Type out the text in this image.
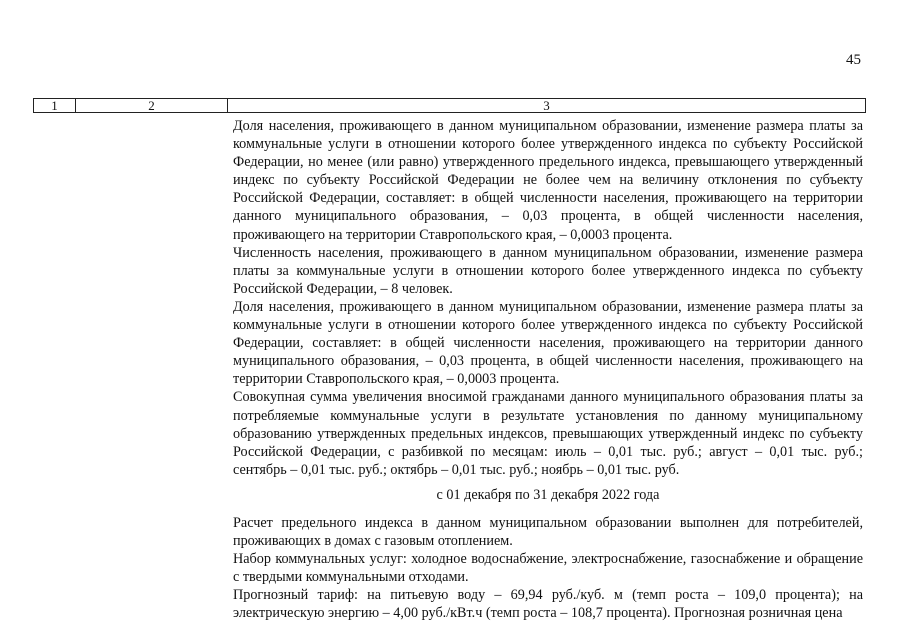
45
1	2	3

Доля населения, проживающего в данном муниципальном образовании, изменение размера платы за коммунальные услуги в отношении которого более утвержденного индекса по субъекту Российской Федерации, но менее (или равно) утвержденного предельного индекса, превышающего утвержденный индекс по субъекту Российской Федерации не более чем на величину отклонения по субъекту Российской Федерации, составляет: в общей численности населения, проживающего на территории данного муниципального образования, – 0,03 процента, в общей численности населения, проживающего на территории Ставропольского края, – 0,0003 процента.

Численность населения, проживающего в данном муниципальном образовании, изменение размера платы за коммунальные услуги в отношении которого более утвержденного индекса по субъекту Российской Федерации, – 8 человек.

Доля населения, проживающего в данном муниципальном образовании, изменение размера платы за коммунальные услуги в отношении которого более утвержденного индекса по субъекту Российской Федерации, составляет: в общей численности населения, проживающего на территории данного муниципального образования, – 0,03 процента, в общей численности населения, проживающего на территории Ставропольского края, – 0,0003 процента.

Совокупная сумма увеличения вносимой гражданами данного муниципального образования платы за потребляемые коммунальные услуги в результате установления по данному муниципальному образованию утвержденных предельных индексов, превышающих утвержденный индекс по субъекту Российской Федерации, с разбивкой по месяцам: июль – 0,01 тыс. руб.; август – 0,01 тыс. руб.; сентябрь – 0,01 тыс. руб.; октябрь – 0,01 тыс. руб.; ноябрь – 0,01 тыс. руб.

с 01 декабря по 31 декабря 2022 года

Расчет предельного индекса в данном муниципальном образовании выполнен для потребителей, проживающих в домах с газовым отоплением.

Набор коммунальных услуг: холодное водоснабжение, электроснабжение, газоснабжение и обращение с твердыми коммунальными отходами.

Прогнозный тариф: на питьевую воду – 69,94 руб./куб. м (темп роста – 109,0 процента); на электрическую энергию – 4,00 руб./кВт.ч (темп роста – 108,7 процента). Прогнозная розничная цена
